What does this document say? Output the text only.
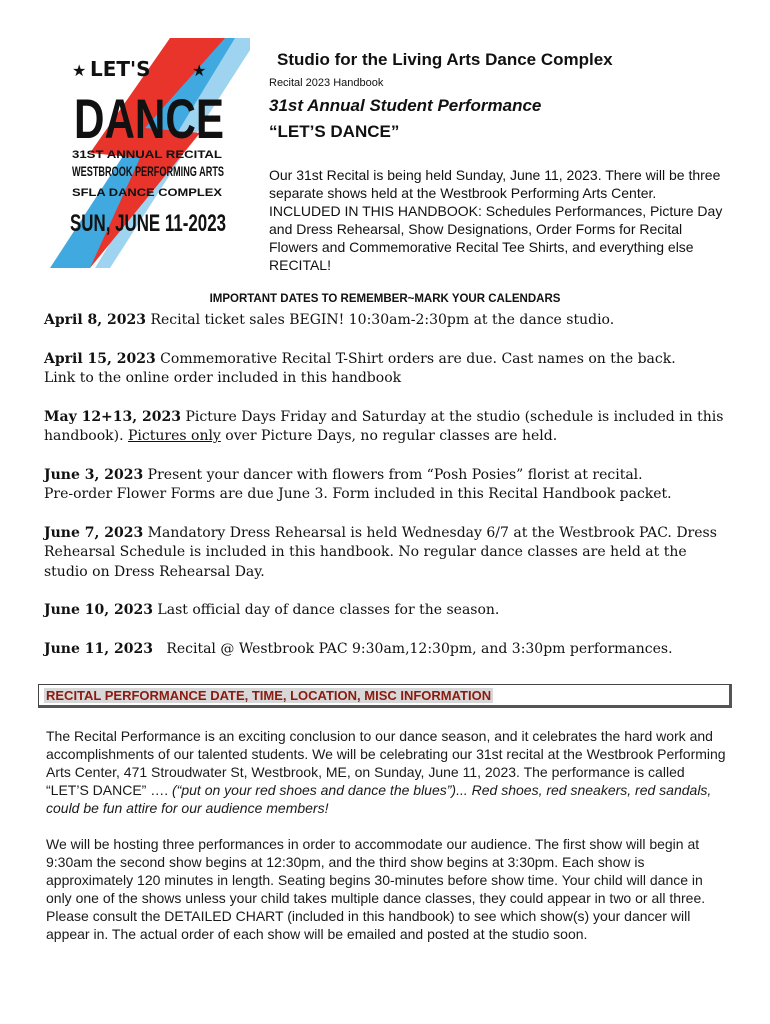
★	★
LET'S
DANCE
31ST ANNUAL RECITAL
WESTBROOK PERFORMING ARTS
SFLA DANCE COMPLEX
SUN, JUNE 11-2023
Studio for the Living Arts Dance Complex
Recital 2023 Handbook
31st Annual Student Performance
“LET’S DANCE”
Our 31st Recital is being held Sunday, June 11, 2023. There will be three separate shows held at the Westbrook Performing Arts Center. INCLUDED IN THIS HANDBOOK: Schedules Performances, Picture Day and Dress Rehearsal, Show Designations, Order Forms for Recital Flowers and Commemorative Recital Tee Shirts, and everything else RECITAL!
IMPORTANT DATES TO REMEMBER~MARK YOUR CALENDARS

April 8, 2023 Recital ticket sales BEGIN! 10:30am-2:30pm at the dance studio.

April 15, 2023 Commemorative Recital T-Shirt orders are due. Cast names on the back.
Link to the online order included in this handbook

May 12+13, 2023 Picture Days Friday and Saturday at the studio (schedule is included in this handbook). Pictures only over Picture Days, no regular classes are held.

June 3, 2023 Present your dancer with flowers from “Posh Posies” florist at recital.
Pre-order Flower Forms are due June 3. Form included in this Recital Handbook packet.

June 7, 2023 Mandatory Dress Rehearsal is held Wednesday 6/7 at the Westbrook PAC. Dress Rehearsal Schedule is included in this handbook. No regular dance classes are held at the studio on Dress Rehearsal Day.

June 10, 2023 Last official day of dance classes for the season.

June 11, 2023   Recital @ Westbrook PAC 9:30am,12:30pm, and 3:30pm performances.

RECITAL PERFORMANCE DATE, TIME, LOCATION, MISC INFORMATION
The Recital Performance is an exciting conclusion to our dance season, and it celebrates the hard work and accomplishments of our talented students. We will be celebrating our 31st recital at the Westbrook Performing Arts Center, 471 Stroudwater St, Westbrook, ME, on Sunday, June 11, 2023. The performance is called “LET’S DANCE” …. (“put on your red shoes and dance the blues”)... Red shoes, red sneakers, red sandals, could be fun attire for our audience members!
We will be hosting three performances in order to accommodate our audience. The first show will begin at 9:30am the second show begins at 12:30pm, and the third show begins at 3:30pm. Each show is approximately 120 minutes in length. Seating begins 30-minutes before show time. Your child will dance in only one of the shows unless your child takes multiple dance classes, they could appear in two or all three. Please consult the DETAILED CHART (included in this handbook) to see which show(s) your dancer will appear in. The actual order of each show will be emailed and posted at the studio soon.
